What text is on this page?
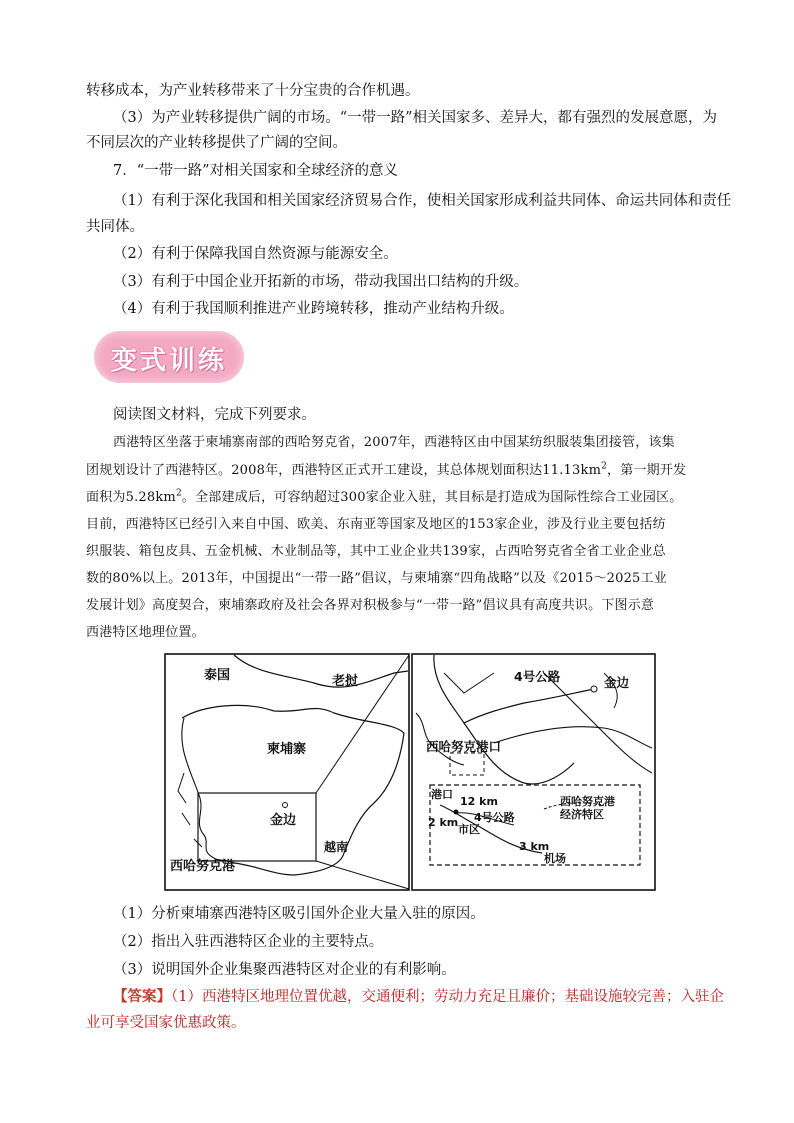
转移成本，为产业转移带来了十分宝贵的合作机遇。
（3）为产业转移提供广阔的市场。“一带一路”相关国家多、差异大，都有强烈的发展意愿，为
不同层次的产业转移提供了广阔的空间。
7．“一带一路”对相关国家和全球经济的意义
（1）有利于深化我国和相关国家经济贸易合作，使相关国家形成利益共同体、命运共同体和责任
共同体。
（2）有利于保障我国自然资源与能源安全。
（3）有利于中国企业开拓新的市场，带动我国出口结构的升级。
（4）有利于我国顺利推进产业跨境转移，推动产业结构升级。
变式训练
阅读图文材料，完成下列要求。
西港特区坐落于柬埔寨南部的西哈努克省，2007年，西港特区由中国某纺织服装集团接管，该集
团规划设计了西港特区。2008年，西港特区正式开工建设，其总体规划面积达$11.13km^2$，第一期开发
面积为$5.28km^2$。全部建成后，可容纳超过300家企业入驻，其目标是打造成为国际性综合工业园区。
目前，西港特区已经引入来自中国、欧美、东南亚等国家及地区的153家企业，涉及行业主要包括纺
织服装、箱包皮具、五金机械、木业制品等，其中工业企业共139家，占西哈努克省全省工业企业总
数的80%以上。2013年，中国提出“一带一路”倡议，与柬埔寨“四角战略”以及《2015～2025工业
发展计划》高度契合，柬埔寨政府及社会各界对积极参与“一带一路”倡议具有高度共识。下图示意
西港特区地理位置。
泰国	老挝
柬埔寨
金边
越南
西哈努克港
4号公路	金边
西哈努克港口
港口
12 km
2 km 4号公路
市区
西哈努克港
经济特区
3 km
机场
（1）分析柬埔寨西港特区吸引国外企业大量入驻的原因。
（2）指出入驻西港特区企业的主要特点。
（3）说明国外企业集聚西港特区对企业的有利影响。
【答案】（1）西港特区地理位置优越，交通便利；劳动力充足且廉价；基础设施较完善；入驻企
业可享受国家优惠政策。
